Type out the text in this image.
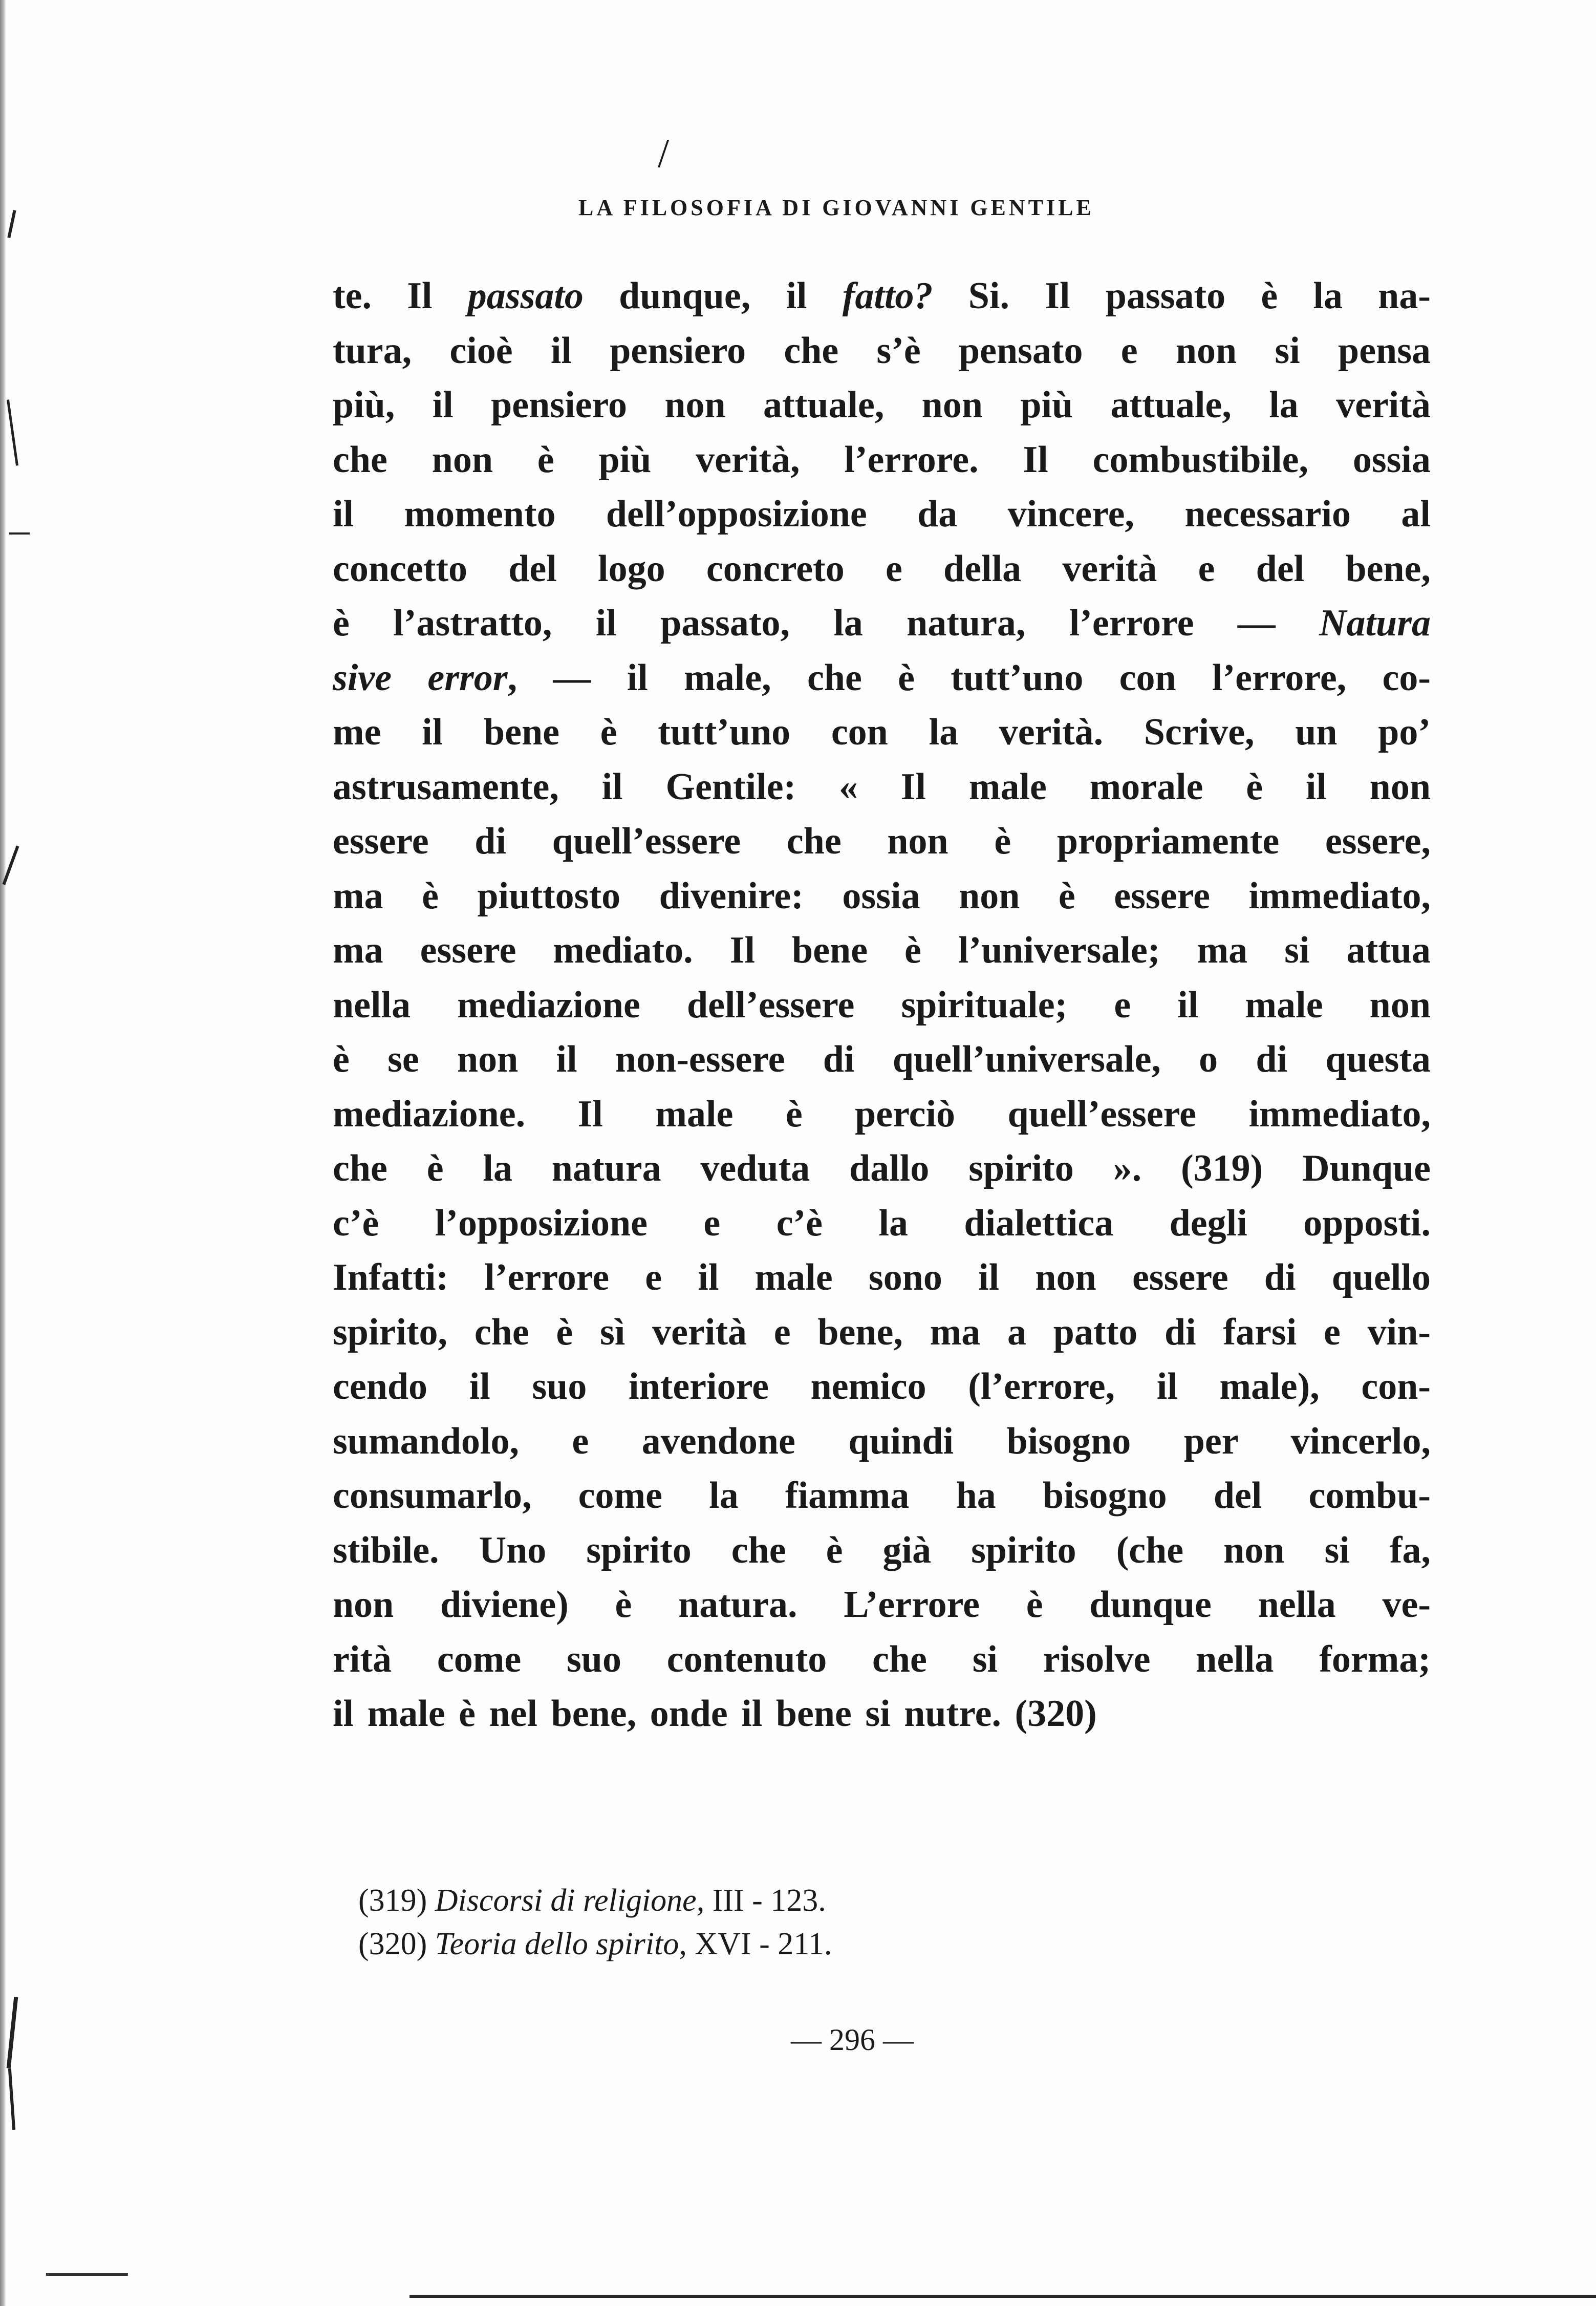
/
LA FILOSOFIA DI GIOVANNI GENTILE
te. Il passato dunque, il fatto? Si. Il passato è la na-
tura, cioè il pensiero che s’è pensato e non si pensa
più, il pensiero non attuale, non più attuale, la verità
che non è più verità, l’errore. Il combustibile, ossia
il momento dell’opposizione da vincere, necessario al
concetto del logo concreto e della verità e del bene,
è l’astratto, il passato, la natura, l’errore — Natura
sive error, — il male, che è tutt’uno con l’errore, co-
me il bene è tutt’uno con la verità. Scrive, un po’
astrusamente, il Gentile: « Il male morale è il non
essere di quell’essere che non è propriamente essere,
ma è piuttosto divenire: ossia non è essere immediato,
ma essere mediato. Il bene è l’universale; ma si attua
nella mediazione dell’essere spirituale; e il male non
è se non il non-essere di quell’universale, o di questa
mediazione. Il male è perciò quell’essere immediato,
che è la natura veduta dallo spirito ». (319) Dunque
c’è l’opposizione e c’è la dialettica degli opposti.
Infatti: l’errore e il male sono il non essere di quello
spirito, che è sì verità e bene, ma a patto di farsi e vin-
cendo il suo interiore nemico (l’errore, il male), con-
sumandolo, e avendone quindi bisogno per vincerlo,
consumarlo, come la fiamma ha bisogno del combu-
stibile. Uno spirito che è già spirito (che non si fa,
non diviene) è natura. L’errore è dunque nella ve-
rità come suo contenuto che si risolve nella forma;
il male è nel bene, onde il bene si nutre. (320)
(319) Discorsi di religione, III - 123.
(320) Teoria dello spirito, XVI - 211.
— 296 —
